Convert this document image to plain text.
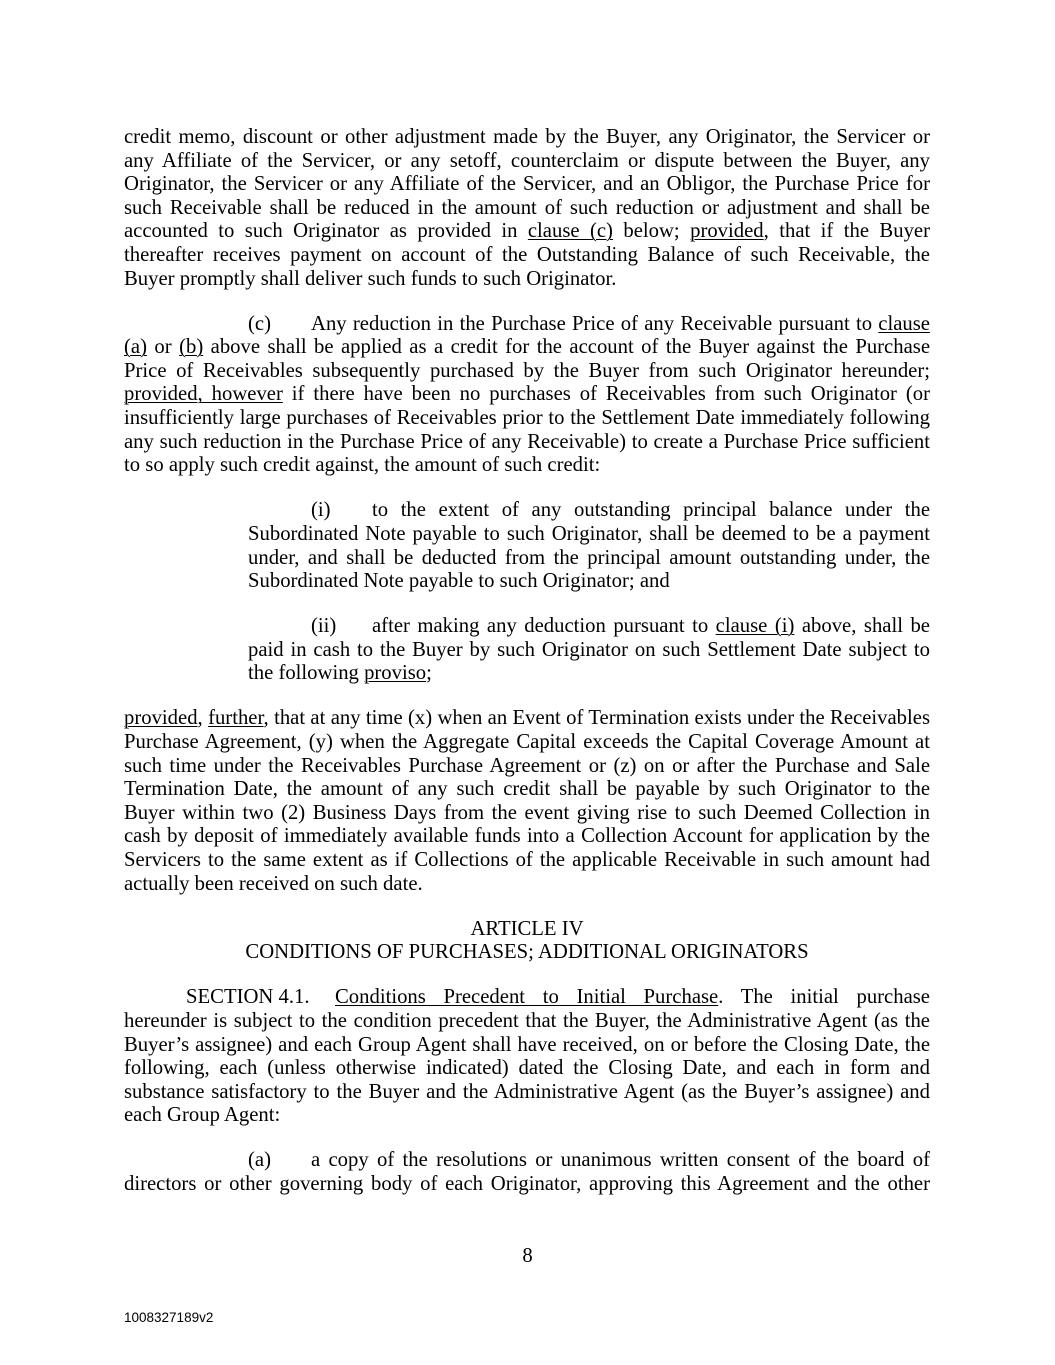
credit memo, discount or other adjustment made by the Buyer, any Originator, the Servicer or any Affiliate of the Servicer, or any setoff, counterclaim or dispute between the Buyer, any Originator, the Servicer or any Affiliate of the Servicer, and an Obligor, the Purchase Price for such Receivable shall be reduced in the amount of such reduction or adjustment and shall be accounted to such Originator as provided in clause (c) below; provided, that if the Buyer thereafter receives payment on account of the Outstanding Balance of such Receivable, the Buyer promptly shall deliver such funds to such Originator.

(c) Any reduction in the Purchase Price of any Receivable pursuant to clause (a) or (b) above shall be applied as a credit for the account of the Buyer against the Purchase Price of Receivables subsequently purchased by the Buyer from such Originator hereunder; provided, however if there have been no purchases of Receivables from such Originator (or insufficiently large purchases of Receivables prior to the Settlement Date immediately following any such reduction in the Purchase Price of any Receivable) to create a Purchase Price sufficient to so apply such credit against, the amount of such credit:

(i) to the extent of any outstanding principal balance under the Subordinated Note payable to such Originator, shall be deemed to be a payment under, and shall be deducted from the principal amount outstanding under, the Subordinated Note payable to such Originator; and

(ii) after making any deduction pursuant to clause (i) above, shall be paid in cash to the Buyer by such Originator on such Settlement Date subject to the following proviso;

provided, further, that at any time (x) when an Event of Termination exists under the Receivables Purchase Agreement, (y) when the Aggregate Capital exceeds the Capital Coverage Amount at such time under the Receivables Purchase Agreement or (z) on or after the Purchase and Sale Termination Date, the amount of any such credit shall be payable by such Originator to the Buyer within two (2) Business Days from the event giving rise to such Deemed Collection in cash by deposit of immediately available funds into a Collection Account for application by the Servicers to the same extent as if Collections of the applicable Receivable in such amount had actually been received on such date.

ARTICLE IV
CONDITIONS OF PURCHASES; ADDITIONAL ORIGINATORS

SECTION 4.1. Conditions Precedent to Initial Purchase. The initial purchase hereunder is subject to the condition precedent that the Buyer, the Administrative Agent (as the Buyer’s assignee) and each Group Agent shall have received, on or before the Closing Date, the following, each (unless otherwise indicated) dated the Closing Date, and each in form and substance satisfactory to the Buyer and the Administrative Agent (as the Buyer’s assignee) and each Group Agent:

(a) a copy of the resolutions or unanimous written consent of the board of directors or other governing body of each Originator, approving this Agreement and the other

8
1008327189v2
